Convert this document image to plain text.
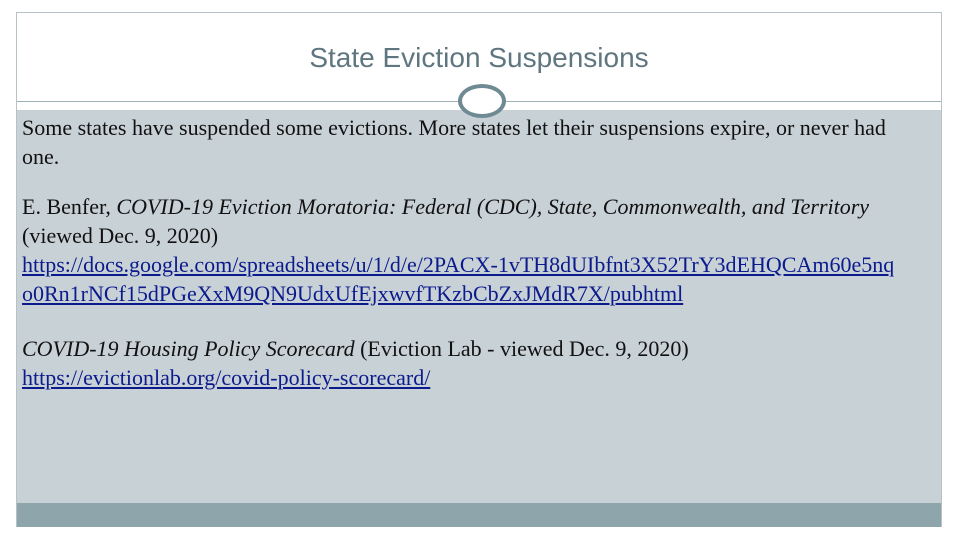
State Eviction Suspensions

Some states have suspended some evictions. More states let their suspensions expire, or never had one.

E. Benfer, COVID-19 Eviction Moratoria: Federal (CDC), State, Commonwealth, and Territory (viewed Dec. 9, 2020)
https://docs.google.com/spreadsheets/u/1/d/e/2PACX-1vTH8dUIbfnt3X52TrY3dEHQCAm60e5nqo0Rn1rNCf15dPGeXxM9QN9UdxUfEjxwvfTKzbCbZxJMdR7X/pubhtml

COVID-19 Housing Policy Scorecard (Eviction Lab - viewed Dec. 9, 2020)
https://evictionlab.org/covid-policy-scorecard/
